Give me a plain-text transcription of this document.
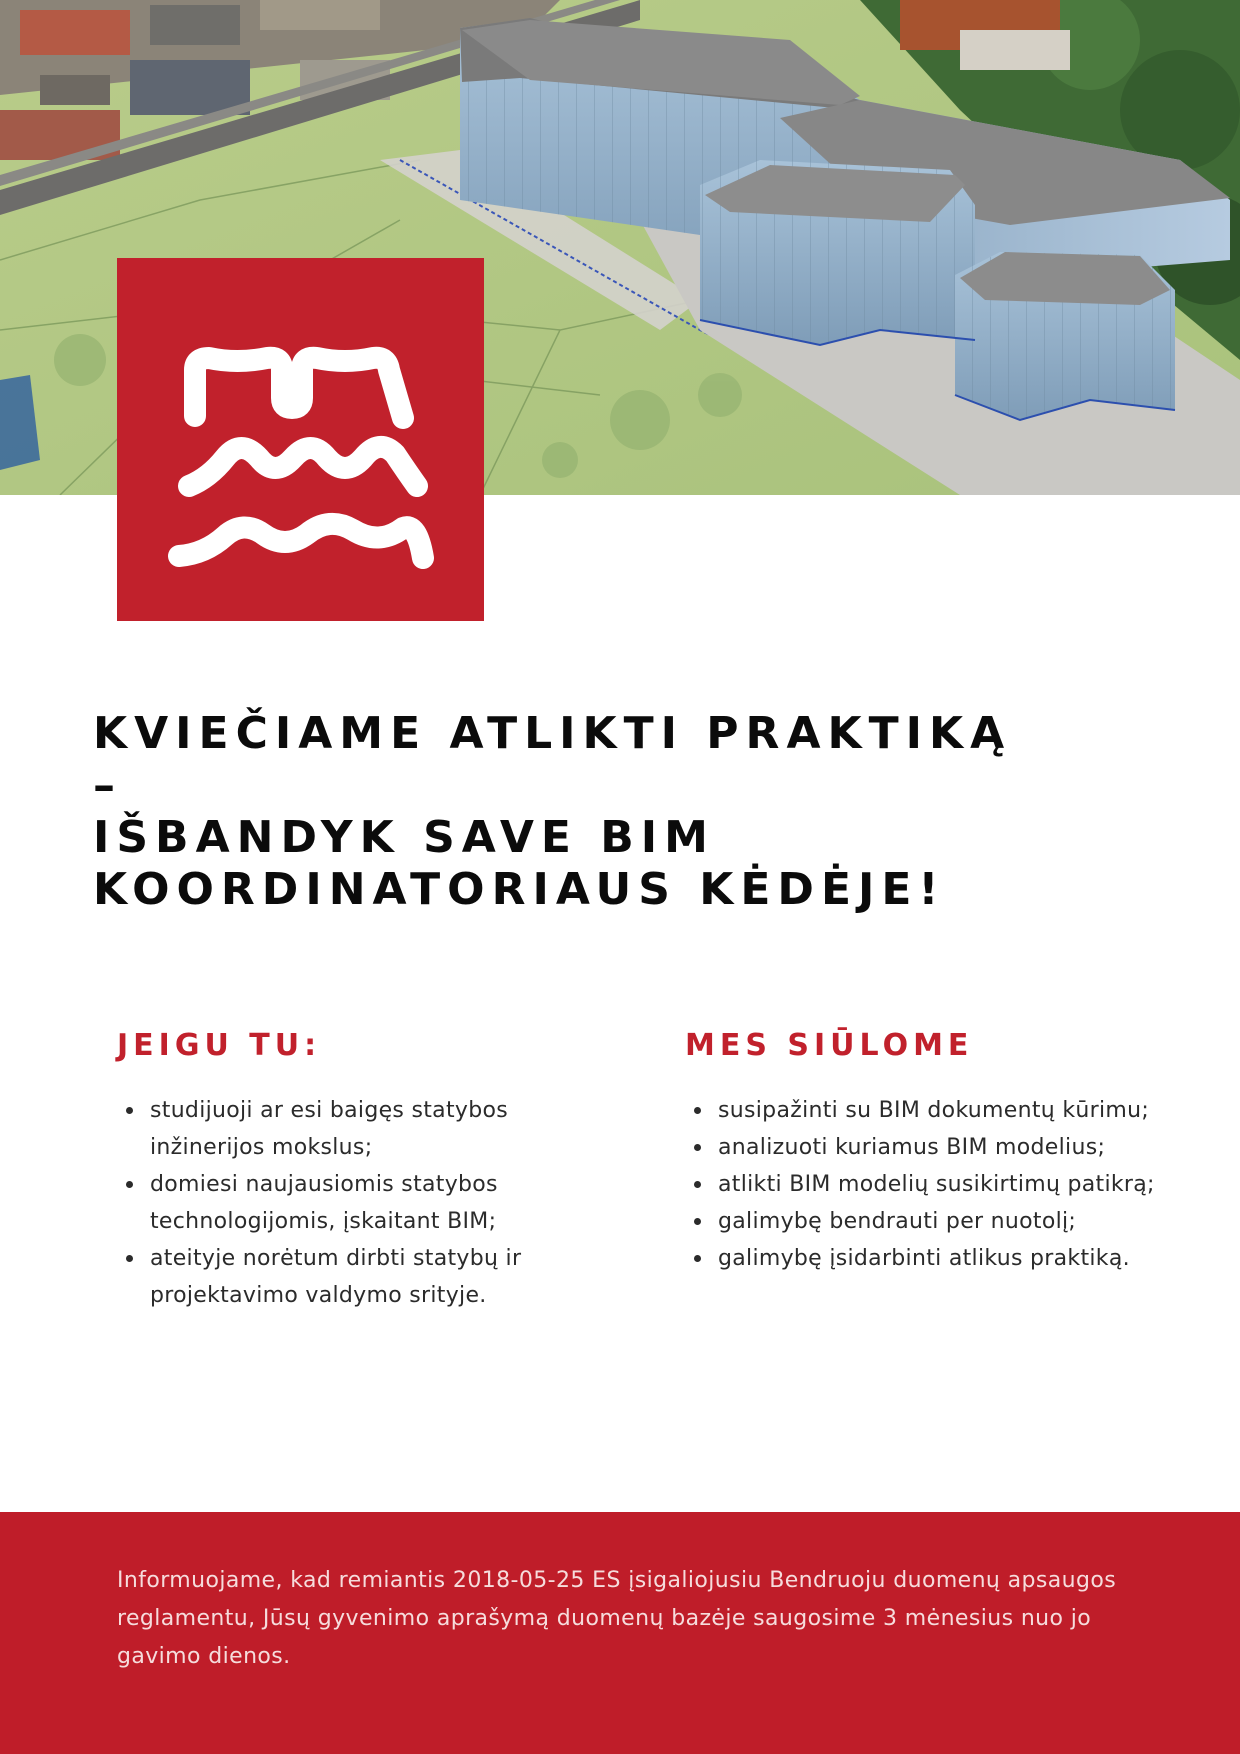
KVIEČIAME ATLIKTI PRAKTIKĄ
–
IŠBANDYK SAVE BIM
KOORDINATORIAUS KĖDĖJE!
JEIGU TU:
studijuoji ar esi baigęs statybos inžinerijos mokslus;
domiesi naujausiomis statybos technologijomis, įskaitant BIM;
ateityje norėtum dirbti statybų ir projektavimo valdymo srityje.
MES SIŪLOME
susipažinti su BIM dokumentų kūrimu;
analizuoti kuriamus BIM modelius;
atlikti BIM modelių susikirtimų patikrą;
galimybę bendrauti per nuotolį;
galimybę įsidarbinti atlikus praktiką.

Informuojame, kad remiantis 2018-05-25 ES įsigaliojusiu Bendruoju duomenų apsaugos reglamentu, Jūsų gyvenimo aprašymą duomenų bazėje saugosime 3 mėnesius nuo jo gavimo dienos.
